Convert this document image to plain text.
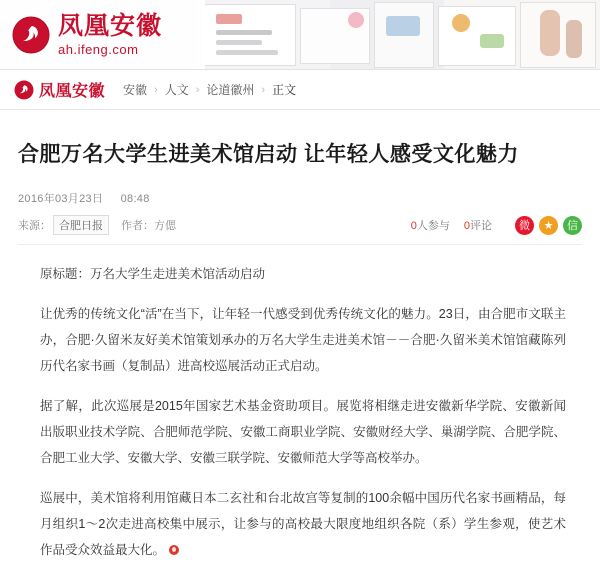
凤凰安徽
ah.ifeng.com
凤凰安徽 安徽 › 人文 › 论道徽州 › 正文
合肥万名大学生进美术馆启动 让年轻人感受文化魅力
2016年03月23日 08:48
来源： 合肥日报	作者： 方偲	0人参与 0评论	微	★	信

原标题：万名大学生走进美术馆活动启动

让优秀的传统文化“活”在当下，让年轻一代感受到优秀传统文化的魅力。23日，由合肥市文联主办，合肥·久留米友好美术馆策划承办的万名大学生走进美术馆－－合肥·久留米美术馆馆藏陈列历代名家书画（复制品）进高校巡展活动正式启动。

据了解，此次巡展是2015年国家艺术基金资助项目。展览将相继走进安徽新华学院、安徽新闻出版职业技术学院、合肥师范学院、安徽工商职业学院、安徽财经大学、巢湖学院、合肥学院、合肥工业大学、安徽大学、安徽三联学院、安徽师范大学等高校举办。

巡展中，美术馆将利用馆藏日本二玄社和台北故宫等复制的100余幅中国历代名家书画精品，每月组织1～2次走进高校集中展示，让参与的高校最大限度地组织各院（系）学生参观，使艺术作品受众效益最大化。
